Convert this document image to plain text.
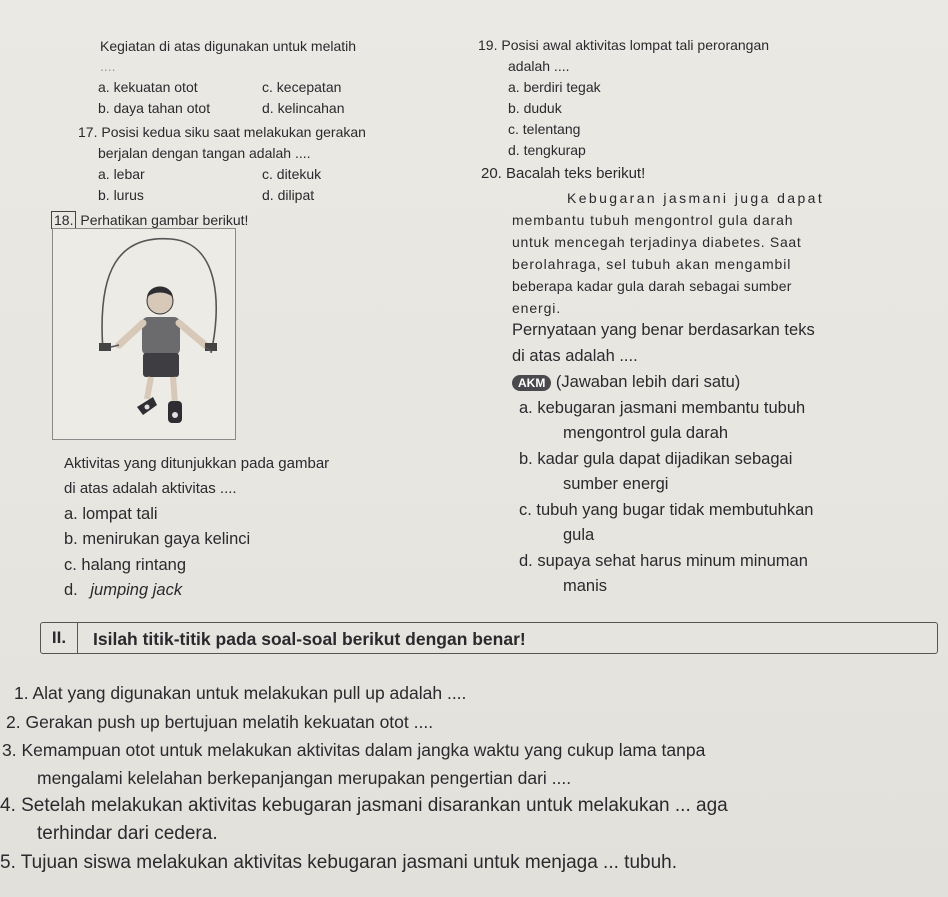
Kegiatan di atas digunakan untuk melatih
....
a. kekuatan otot	c. kecepatan
b. daya tahan otot	d. kelincahan
17. Posisi kedua siku saat melakukan gerakan
berjalan dengan tangan adalah ....
a. lebar	c. ditekuk
b. lurus	d. dilipat
18. Perhatikan gambar berikut!
Aktivitas yang ditunjukkan pada gambar
di atas adalah aktivitas ....
a. lompat tali
b. menirukan gaya kelinci
c. halang rintang
d. jumping jack
19. Posisi awal aktivitas lompat tali perorangan
adalah ....
a. berdiri tegak
b. duduk
c. telentang
d. tengkurap
20. Bacalah teks berikut!
Kebugaran jasmani juga dapat
membantu tubuh mengontrol gula darah
untuk mencegah terjadinya diabetes. Saat
berolahraga, sel tubuh akan mengambil
beberapa kadar gula darah sebagai sumber
energi.
Pernyataan yang benar berdasarkan teks
di atas adalah ....
AKM (Jawaban lebih dari satu)
a. kebugaran jasmani membantu tubuh
mengontrol gula darah
b. kadar gula dapat dijadikan sebagai
sumber energi
c. tubuh yang bugar tidak membutuhkan
gula
d. supaya sehat harus minum minuman
manis
II.	Isilah titik-titik pada soal-soal berikut dengan benar!
1. Alat yang digunakan untuk melakukan pull up adalah ....
2. Gerakan push up bertujuan melatih kekuatan otot ....
3. Kemampuan otot untuk melakukan aktivitas dalam jangka waktu yang cukup lama tanpa
mengalami kelelahan berkepanjangan merupakan pengertian dari ....
4. Setelah melakukan aktivitas kebugaran jasmani disarankan untuk melakukan ... aga
terhindar dari cedera.
5. Tujuan siswa melakukan aktivitas kebugaran jasmani untuk menjaga ... tubuh.
